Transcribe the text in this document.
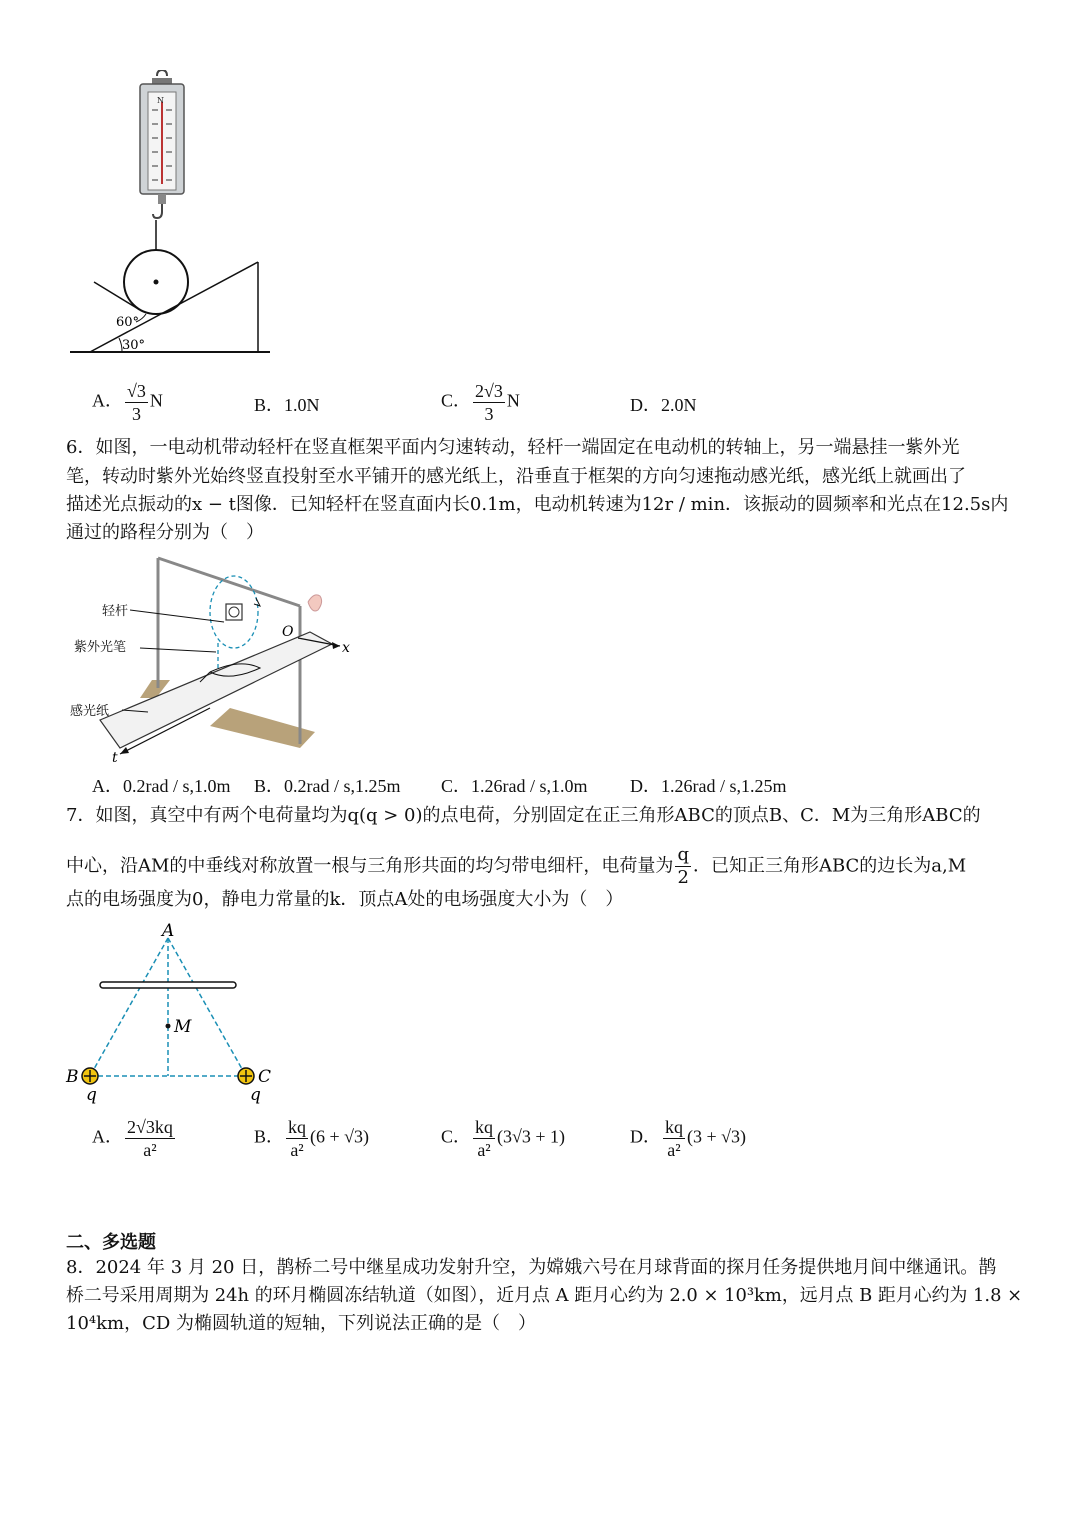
N
60°
30°
A． $\frac{√3}{3}$ N	B．1.0N	C． $\frac{2√3}{3}$ N	D．2.0N
6．如图，一电动机带动轻杆在竖直框架平面内匀速转动，轻杆一端固定在电动机的转轴上，另一端悬挂一紫外光
笔，转动时紫外光始终竖直投射至水平铺开的感光纸上，沿垂直于框架的方向匀速拖动感光纸，感光纸上就画出了
描述光点振动的x − t图像．已知轻杆在竖直面内长0.1m，电动机转速为12r / min．该振动的圆频率和光点在12.5s内
通过的路程分别为（　）
O
x
t
轻杆
紫外光笔
感光纸
A．0.2rad / s,1.0m B．0.2rad / s,1.25m C．1.26rad / s,1.0m D．1.26rad / s,1.25m
7．如图，真空中有两个电荷量均为q(q > 0)的点电荷，分别固定在正三角形ABC的顶点B、C．M为三角形ABC的
中心，沿AM的中垂线对称放置一根与三角形共面的均匀带电细杆，电荷量为 $\frac{q}{2}$ ．已知正三角形ABC的边长为a,M
点的电场强度为0，静电力常量的k．顶点A处的电场强度大小为（　）
A
M
B	C
q	q
A． $\frac{2√3kq}{\text{a²}}$	B． $\frac{kq}{\text{a²}} (6 + √3)$	C． $\frac{kq}{\text{a²}} (3√3 + 1)$	D． $\frac{kq}{\text{a²}} (3 + √3)$
二、多选题
8．2024 年 3 月 20 日，鹊桥二号中继星成功发射升空，为嫦娥六号在月球背面的探月任务提供地月间中继通讯。鹊
桥二号采用周期为 24h 的环月椭圆冻结轨道（如图），近月点 A 距月心约为 2.0 × 10³km，远月点 B 距月心约为 1.8 ×
10⁴km，CD 为椭圆轨道的短轴，下列说法正确的是（　）
